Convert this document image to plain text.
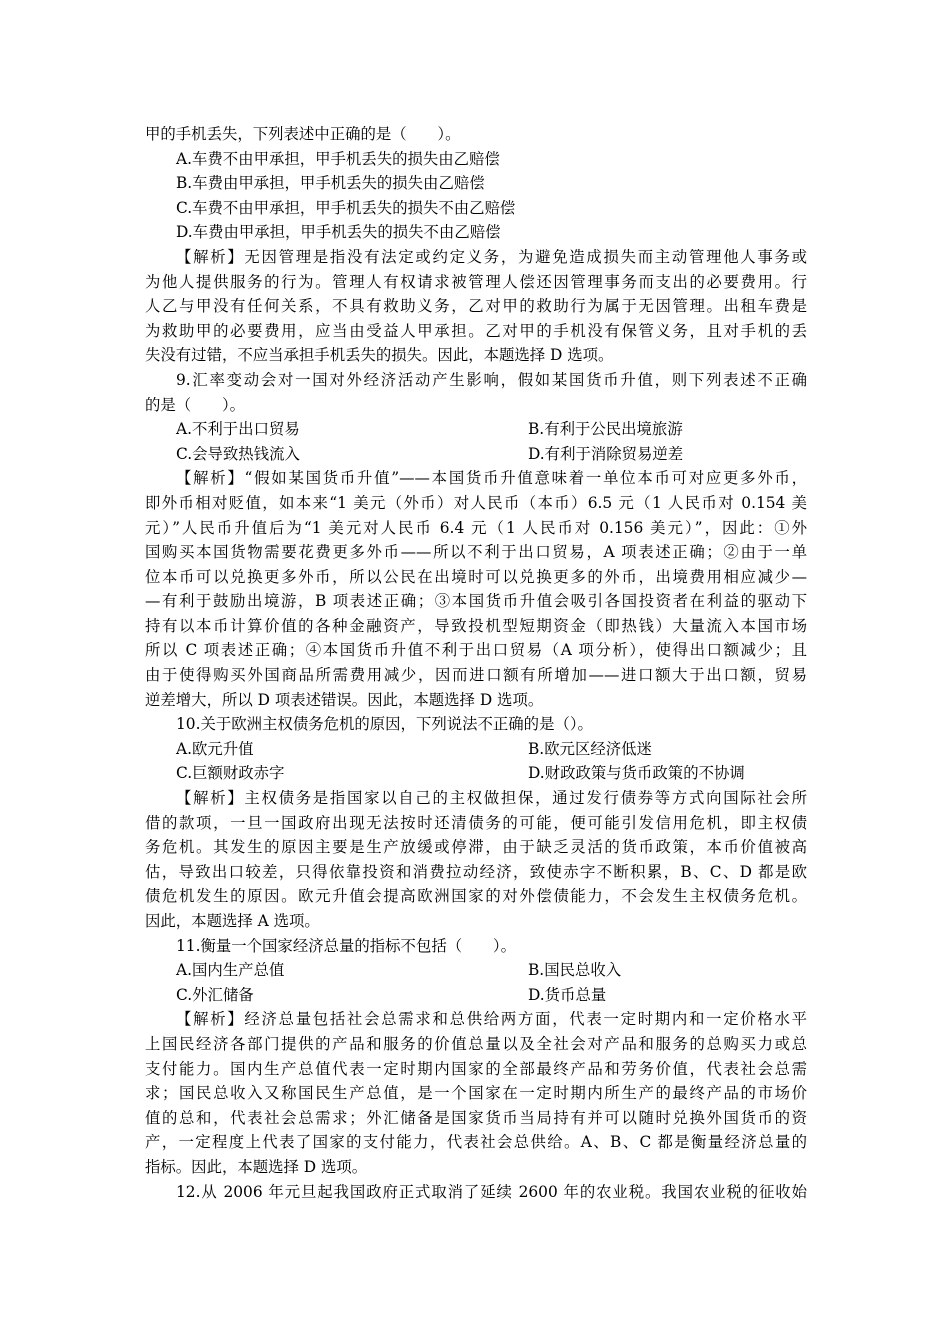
甲的手机丢失，下列表述中正确的是（　　）。
A.车费不由甲承担，甲手机丢失的损失由乙赔偿
B.车费由甲承担，甲手机丢失的损失由乙赔偿
C.车费不由甲承担，甲手机丢失的损失不由乙赔偿
D.车费由甲承担，甲手机丢失的损失不由乙赔偿
【解析】无因管理是指没有法定或约定义务，为避免造成损失而主动管理他人事务或
为他人提供服务的行为。管理人有权请求被管理人偿还因管理事务而支出的必要费用。行
人乙与甲没有任何关系，不具有救助义务，乙对甲的救助行为属于无因管理。出租车费是
为救助甲的必要费用，应当由受益人甲承担。乙对甲的手机没有保管义务，且对手机的丢
失没有过错，不应当承担手机丢失的损失。因此，本题选择 D 选项。
9.汇率变动会对一国对外经济活动产生影响，假如某国货币升值，则下列表述不正确
的是（　　）。
A.不利于出口贸易	B.有利于公民出境旅游
C.会导致热钱流入	D.有利于消除贸易逆差
【解析】“假如某国货币升值”——本国货币升值意味着一单位本币可对应更多外币，
即外币相对贬值，如本来“1 美元（外币）对人民币（本币）6.5 元（1 人民币对 0.154 美
元）”人民币升值后为“1 美元对人民币 6.4 元（1 人民币对 0.156 美元）”，因此：①外
国购买本国货物需要花费更多外币——所以不利于出口贸易，A 项表述正确；②由于一单
位本币可以兑换更多外币，所以公民在出境时可以兑换更多的外币，出境费用相应减少—
—有利于鼓励出境游，B 项表述正确；③本国货币升值会吸引各国投资者在利益的驱动下
持有以本币计算价值的各种金融资产，导致投机型短期资金（即热钱）大量流入本国市场
所以 C 项表述正确；④本国货币升值不利于出口贸易（A 项分析），使得出口额减少；且
由于使得购买外国商品所需费用减少，因而进口额有所增加——进口额大于出口额，贸易
逆差增大，所以 D 项表述错误。因此，本题选择 D 选项。
10.关于欧洲主权债务危机的原因，下列说法不正确的是（）。
A.欧元升值	B.欧元区经济低迷
C.巨额财政赤字	D.财政政策与货币政策的不协调
【解析】主权债务是指国家以自己的主权做担保，通过发行债券等方式向国际社会所
借的款项，一旦一国政府出现无法按时还清债务的可能，便可能引发信用危机，即主权债
务危机。其发生的原因主要是生产放缓或停滞，由于缺乏灵活的货币政策，本币价值被高
估，导致出口较差，只得依靠投资和消费拉动经济，致使赤字不断积累，B、C、D 都是欧
债危机发生的原因。欧元升值会提高欧洲国家的对外偿债能力，不会发生主权债务危机。
因此，本题选择 A 选项。
11.衡量一个国家经济总量的指标不包括（　　）。
A.国内生产总值	B.国民总收入
C.外汇储备	D.货币总量
【解析】经济总量包括社会总需求和总供给两方面，代表一定时期内和一定价格水平
上国民经济各部门提供的产品和服务的价值总量以及全社会对产品和服务的总购买力或总
支付能力。国内生产总值代表一定时期内国家的全部最终产品和劳务价值，代表社会总需
求；国民总收入又称国民生产总值，是一个国家在一定时期内所生产的最终产品的市场价
值的总和，代表社会总需求；外汇储备是国家货币当局持有并可以随时兑换外国货币的资
产，一定程度上代表了国家的支付能力，代表社会总供给。A、B、C 都是衡量经济总量的
指标。因此，本题选择 D 选项。
12.从 2006 年元旦起我国政府正式取消了延续 2600 年的农业税。我国农业税的征收始
